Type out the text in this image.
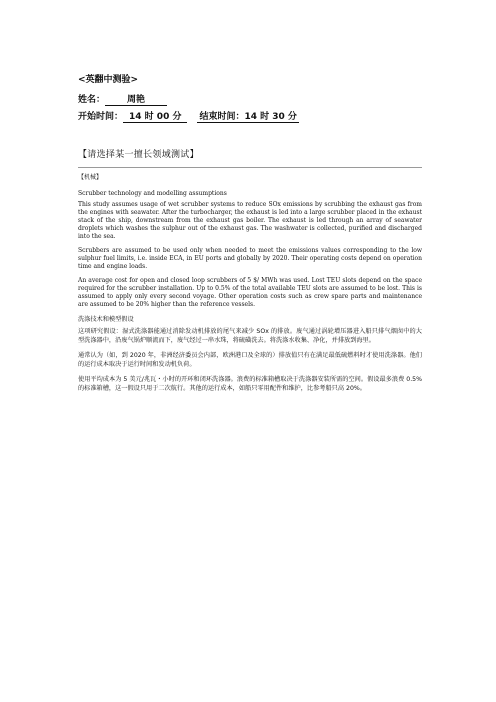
<英翻中测验>

姓名： 周艳

开始时间： 14 时 00 分 结束时间：14 时 30 分

【请选择某一擅长领域测试】

【机械】

Scrubber technology and modelling assumptions

This study assumes usage of wet scrubber systems to reduce SOx emissions by scrubbing the exhaust gas from the engines with seawater. After the turbocharger, the exhaust is led into a large scrubber placed in the exhaust stack of the ship, downstream from the exhaust gas boiler. The exhaust is led through an array of seawater droplets which washes the sulphur out of the exhaust gas. The washwater is collected, purified and discharged into the sea.

Scrubbers are assumed to be used only when needed to meet the emissions values corresponding to the low sulphur fuel limits, i.e. inside ECA, in EU ports and globally by 2020. Their operating costs depend on operation time and engine loads.

An average cost for open and closed loop scrubbers of 5 $/ MWh was used. Lost TEU slots depend on the space required for the scrubber installation. Up to 0.5% of the total available TEU slots are assumed to be lost. This is assumed to apply only every second voyage. Other operation costs such as crew spare parts and maintenance are assumed to be 20% higher than the reference vessels.

洗涤技术和模型假设

这项研究假设：湿式洗涤器能通过消除发动机排放的尾气来减少 SOx 的排放。废气通过涡轮增压器进入船只排气烟囱中的大型洗涤器中，沿废气锅炉顺流而下，废气经过一串水珠，将硫磺洗去。将洗涤水收集、净化，并排放到海里。

通常认为（如，到 2020 年，非洲经济委员会内部，欧洲港口及全球的）排放值只有在满足最低硫燃料时才使用洗涤器。他们的运行成本取决于运行时间和发动机负荷。

使用平均成本为 5 美元/兆瓦・小时的开环和闭环洗涤器。浪费的标准箱槽取决于洗涤器安装所需的空间。假设最多浪费 0.5%的标准箱槽，这一假设只用于二次航行。其他的运行成本，如船只零用配件和维护，比参考船只高 20%。
